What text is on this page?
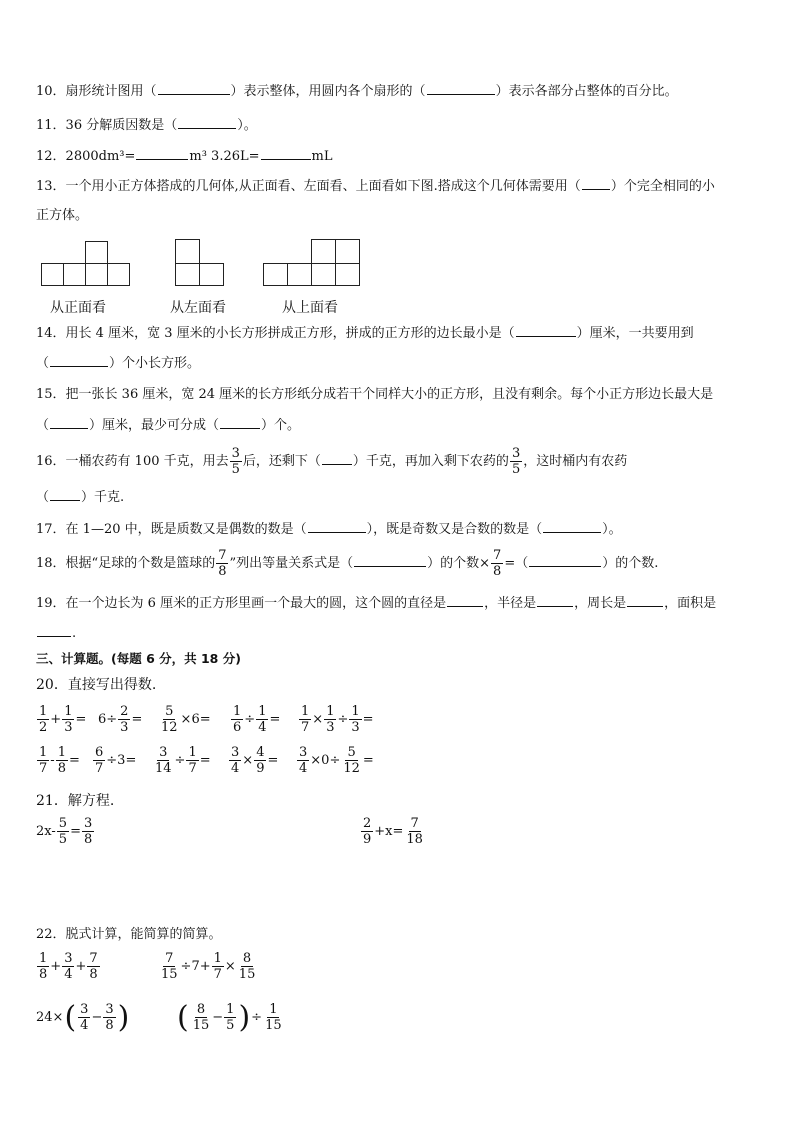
10．扇形统计图用（	）表示整体，用圆内各个扇形的（	）表示各部分占整体的百分比。
11．36 分解质因数是（	）。
12．2800dm³=	m³ 3.26L=	mL
13．一个用小正方体搭成的几何体,从正面看、左面看、上面看如下图.搭成这个几何体需要用（ ）个完全相同的小
正方体。
从正面看	从左面看	从上面看
14．用长 4 厘米，宽 3 厘米的小长方形拼成正方形，拼成的正方形的边长最小是（	）厘米，一共要用到
（	）个小长方形。
15．把一张长 36 厘米，宽 24 厘米的长方形纸分成若干个同样大小的正方形，且没有剩余。每个小正方形边长最大是
（	）厘米，最少可分成（	）个。
16．一桶农药有 100 千克，用去 $\frac{3}{5}$ 后，还剩下（ ）千克，再加入剩下农药的 $\frac{3}{5}$ ，这时桶内有农药
（ ）千克.
17．在 1—20 中，既是质数又是偶数的数是（	），既是奇数又是合数的数是（	）。
18．根据“足球的个数是篮球的 $\frac{7}{8}$ ”列出等量关系式是（	）的个数× $\frac{7}{8}$ =（	）的个数.
19．在一个边长为 6 厘米的正方形里画一个最大的圆，这个圆的直径是	，半径是	，周长是	，面积是
.
三、计算题。(每题 6 分，共 18 分)
20．直接写出得数.
$\frac{1}{2} + \frac{1}{3} = 6\div \frac{2}{3} = \frac{5}{12} \times 6= \frac{1}{6} \div \frac{1}{4} = \frac{1}{7} \times \frac{1}{3} \div \frac{1}{3}$ =
$\frac{1}{7} - \frac{1}{8} = \frac{6}{7} \div 3= \frac{3}{14} \div \frac{1}{7} = \frac{3}{4} \times \frac{4}{9} = \frac{3}{4} \times 0\div \frac{5}{12}$ =
21．解方程.
$2x- \frac{5}{5} = \frac{3}{8}$	$\frac{2}{9} +x= \frac{7}{18}$
22．脱式计算，能简算的简算。
$\frac{1}{8} + \frac{3}{4} + \frac{7}{8}$	$\frac{7}{15} \div 7+ \frac{1}{7} \times \frac{8}{15}$
24× ( $\frac{3}{4} - \frac{3}{8}$ ) ( $\frac{8}{15} - \frac{1}{5}$ ) ÷ $\frac{1}{15}$
